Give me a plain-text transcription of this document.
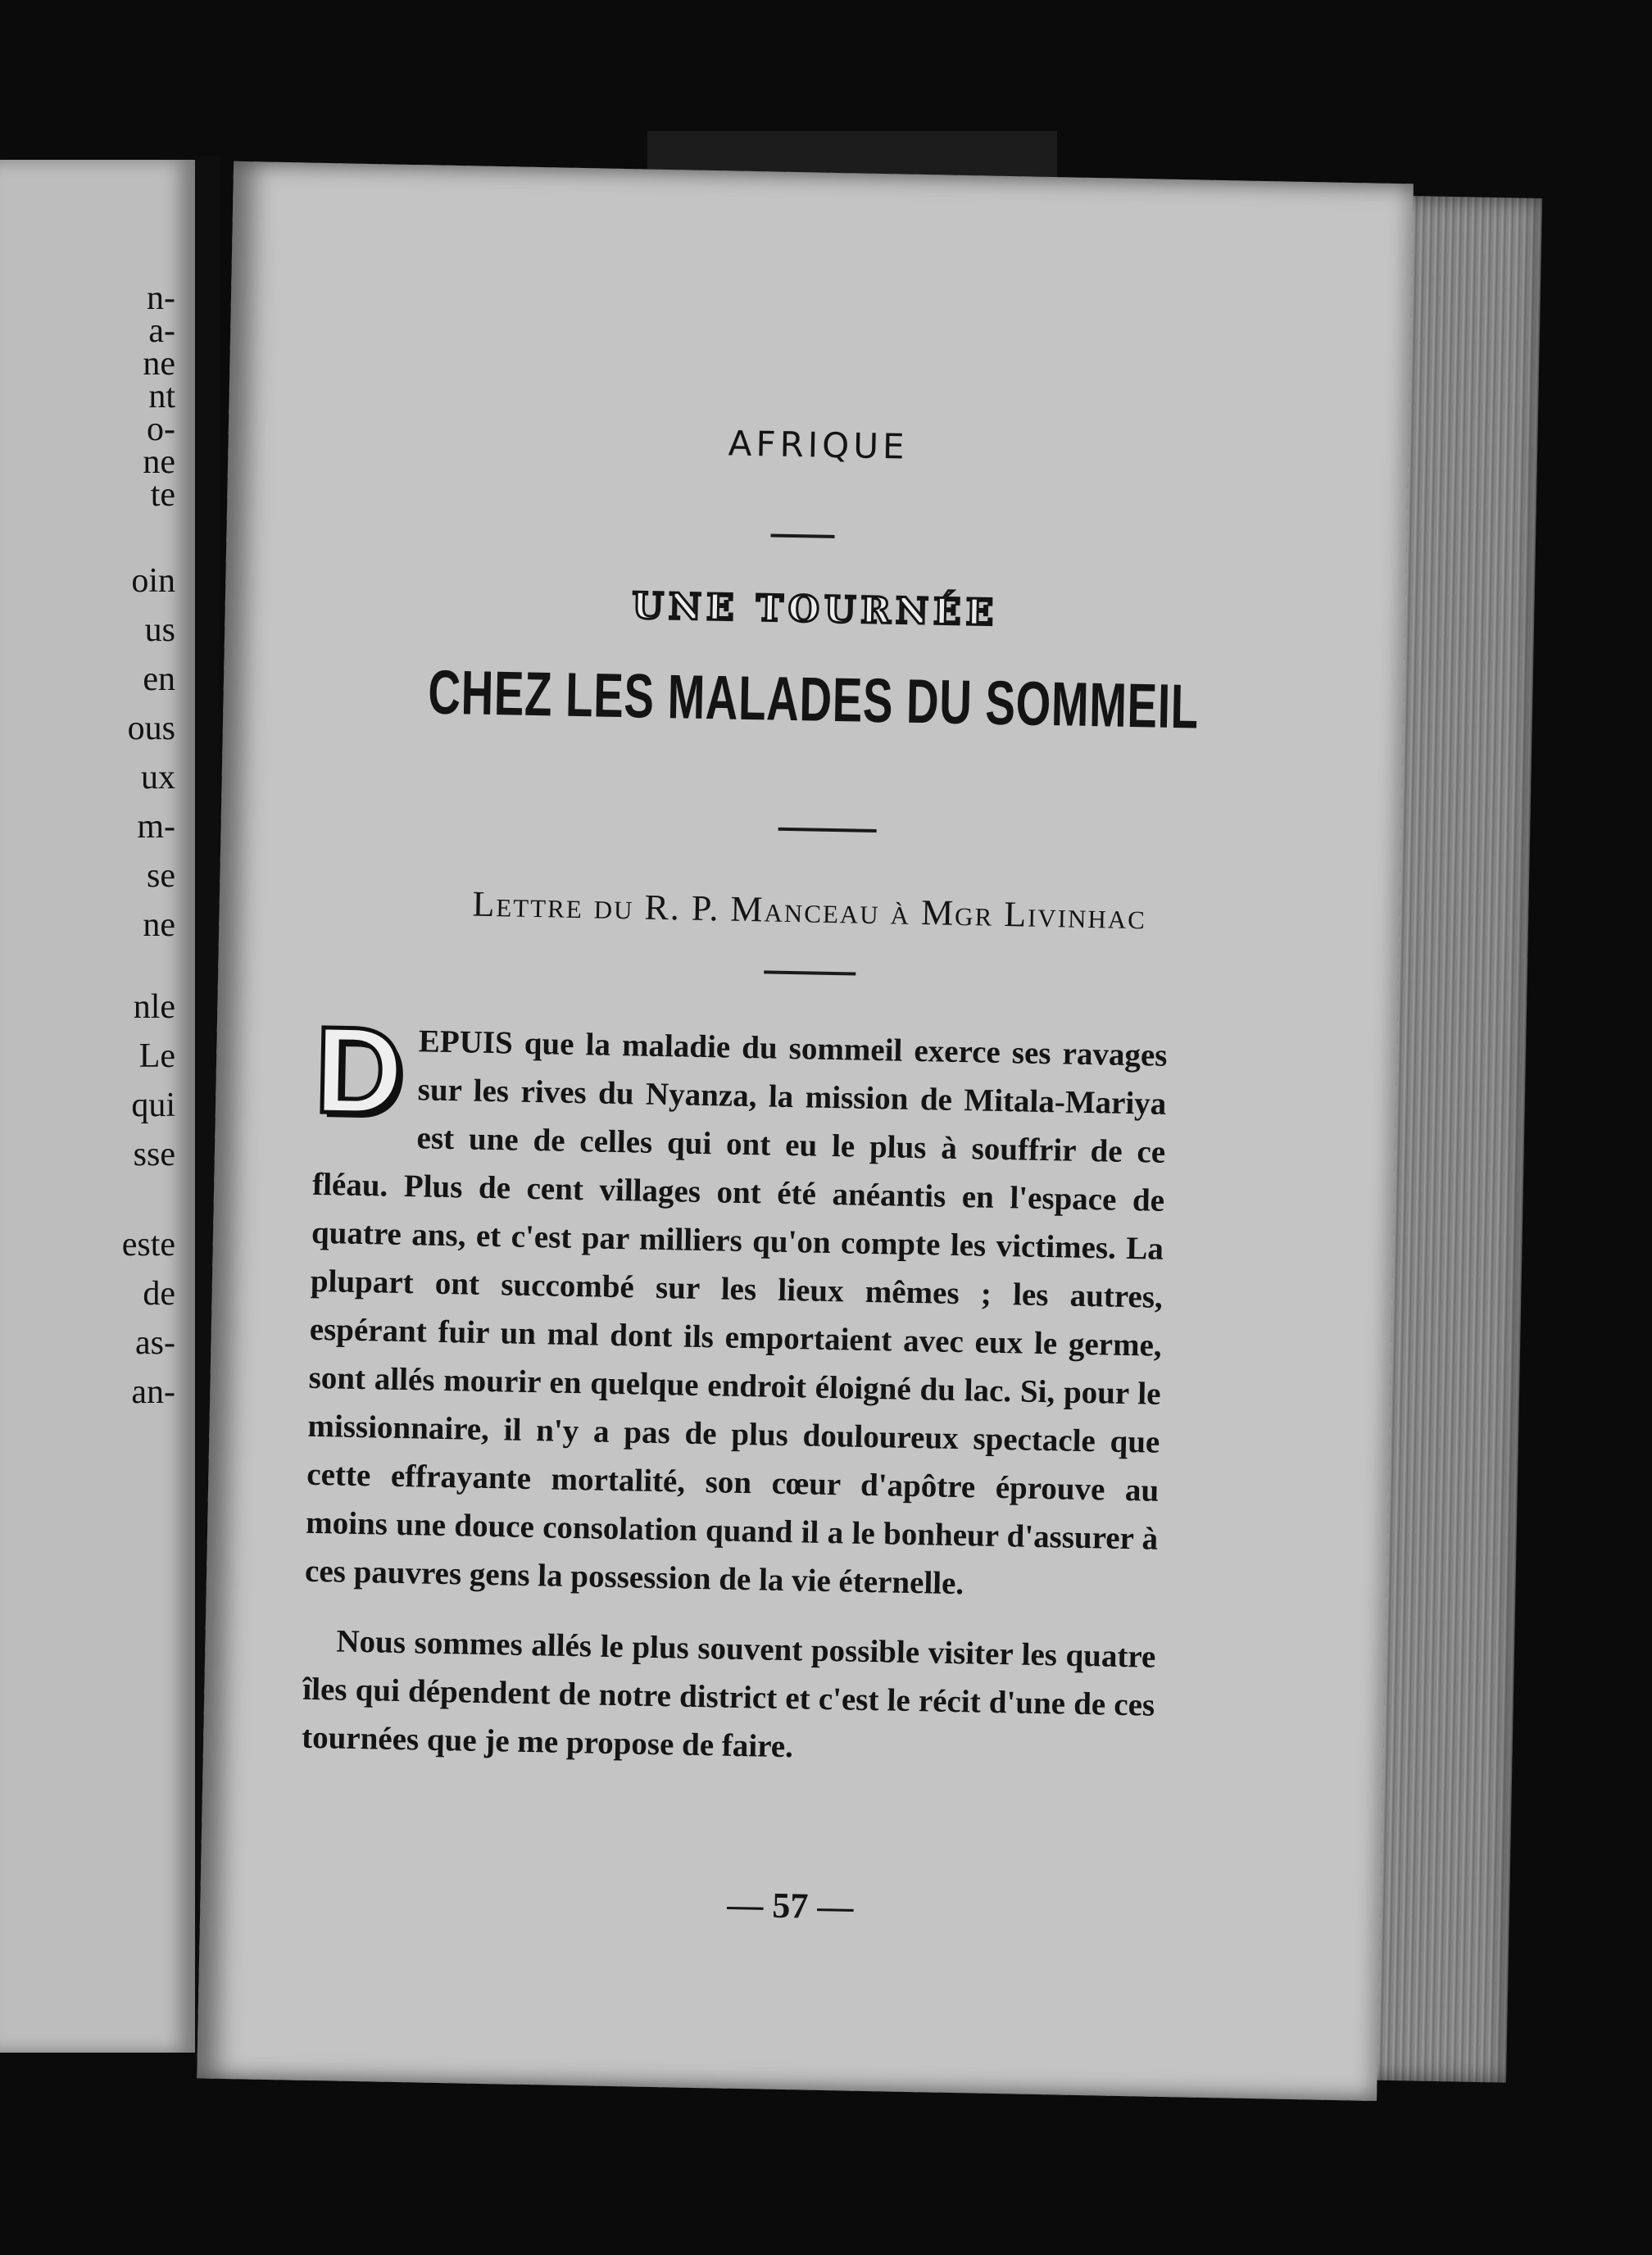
n-

a-

ne

nt

o-

ne

te

oin

us

en

ous

ux

m-

se

ne

nle

Le

qui

sse

este

de

as-

an-

AFRIQUE

UNE TOURNÉE

CHEZ LES MALADES DU SOMMEIL

Lettre du R. P. Manceau à Mgr Livinhac

DEPUIS que la maladie du sommeil exerce ses ravages sur les rives du Nyanza, la mission de Mitala-Mariya est une de celles qui ont eu le plus à souffrir de ce fléau. Plus de cent villages ont été anéantis en l'espace de quatre ans, et c'est par milliers qu'on compte les victimes. La plupart ont succombé sur les lieux mêmes ; les autres, espérant fuir un mal dont ils emportaient avec eux le germe, sont allés mourir en quelque endroit éloigné du lac. Si, pour le missionnaire, il n'y a pas de plus douloureux spectacle que cette effrayante mortalité, son cœur d'apôtre éprouve au moins une douce consolation quand il a le bonheur d'assurer à ces pauvres gens la possession de la vie éternelle.

Nous sommes allés le plus souvent possible visiter les quatre îles qui dépendent de notre district et c'est le récit d'une de ces tournées que je me propose de faire.

— 57 —
